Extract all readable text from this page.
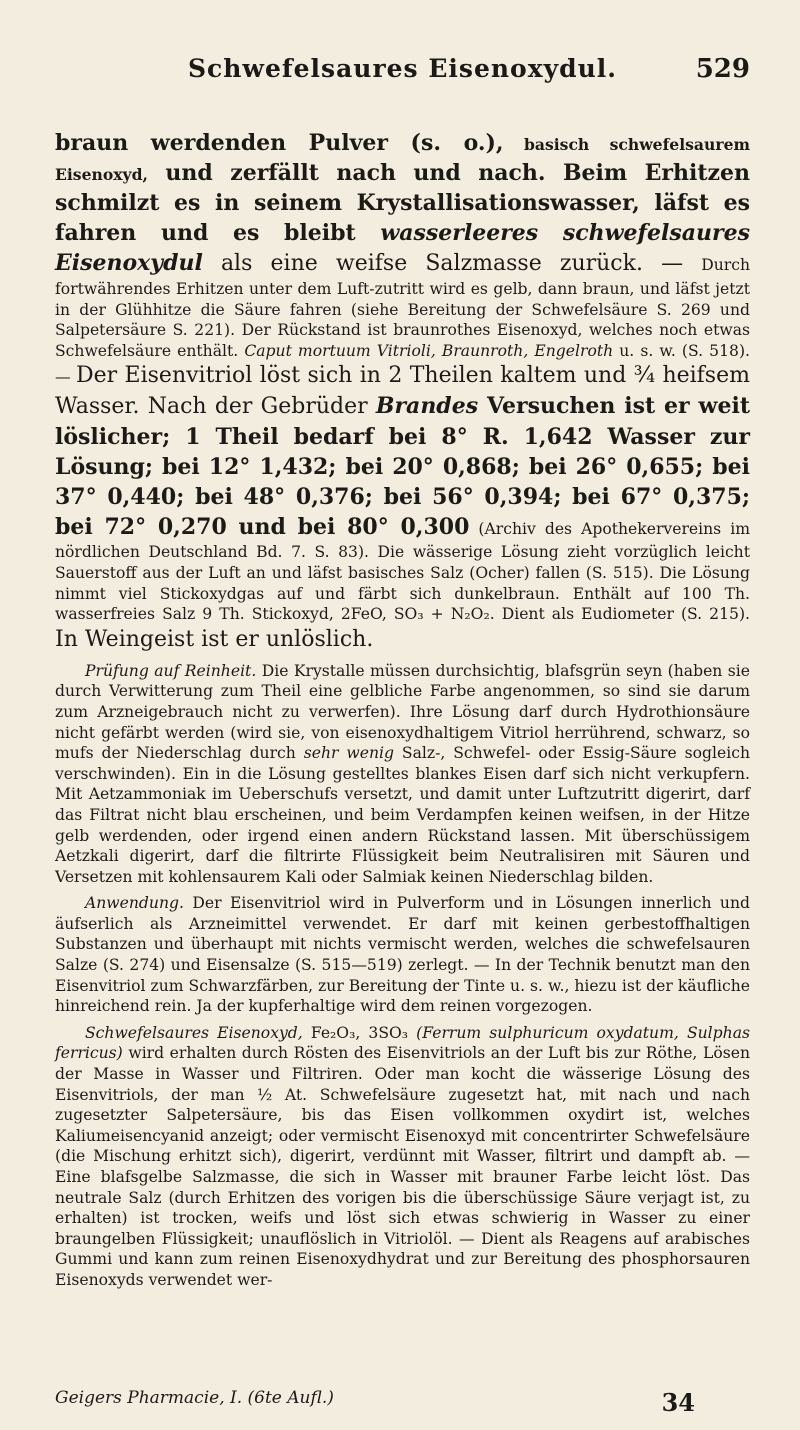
Schwefelsaures Eisenoxydul.	529

braun werdenden Pulver (s. o.), basisch schwefelsaurem Eisenoxyd, und zerfällt nach und nach. Beim Erhitzen schmilzt es in seinem Krystallisationswasser, läfst es fahren und es bleibt wasserleeres schwefelsaures Eisenoxydul als eine weifse Salzmasse zurück. — Durch fortwährendes Erhitzen unter dem Luft-zutritt wird es gelb, dann braun, und läfst jetzt in der Glühhitze die Säure fahren (siehe Bereitung der Schwefelsäure S. 269 und Salpetersäure S. 221). Der Rückstand ist braunrothes Eisenoxyd, welches noch etwas Schwefelsäure enthält. Caput mortuum Vitrioli, Braunroth, Engelroth u. s. w. (S. 518). — Der Eisenvitriol löst sich in 2 Theilen kaltem und ¾ heifsem Wasser. Nach der Gebrüder Brandes Versuchen ist er weit löslicher; 1 Theil bedarf bei 8° R. 1,642 Wasser zur Lösung; bei 12° 1,432; bei 20° 0,868; bei 26° 0,655; bei 37° 0,440; bei 48° 0,376; bei 56° 0,394; bei 67° 0,375; bei 72° 0,270 und bei 80° 0,300 (Archiv des Apothekervereins im nördlichen Deutschland Bd. 7. S. 83). Die wässerige Lösung zieht vorzüglich leicht Sauerstoff aus der Luft an und läfst basisches Salz (Ocher) fallen (S. 515). Die Lösung nimmt viel Stickoxydgas auf und färbt sich dunkelbraun. Enthält auf 100 Th. wasserfreies Salz 9 Th. Stickoxyd, 2FeO, SO₃ + N₂O₂. Dient als Eudiometer (S. 215). In Weingeist ist er unlöslich.

Prüfung auf Reinheit. Die Krystalle müssen durchsichtig, blafsgrün seyn (haben sie durch Verwitterung zum Theil eine gelbliche Farbe angenommen, so sind sie darum zum Arzneigebrauch nicht zu verwerfen). Ihre Lösung darf durch Hydrothionsäure nicht gefärbt werden (wird sie, von eisenoxydhaltigem Vitriol herrührend, schwarz, so mufs der Niederschlag durch sehr wenig Salz-, Schwefel- oder Essig-Säure sogleich verschwinden). Ein in die Lösung gestelltes blankes Eisen darf sich nicht verkupfern. Mit Aetzammoniak im Ueberschufs versetzt, und damit unter Luftzutritt digerirt, darf das Filtrat nicht blau erscheinen, und beim Verdampfen keinen weifsen, in der Hitze gelb werdenden, oder irgend einen andern Rückstand lassen. Mit überschüssigem Aetzkali digerirt, darf die filtrirte Flüssigkeit beim Neutralisiren mit Säuren und Versetzen mit kohlensaurem Kali oder Salmiak keinen Niederschlag bilden.

Anwendung. Der Eisenvitriol wird in Pulverform und in Lösungen innerlich und äufserlich als Arzneimittel verwendet. Er darf mit keinen gerbestoffhaltigen Substanzen und überhaupt mit nichts vermischt werden, welches die schwefelsauren Salze (S. 274) und Eisensalze (S. 515—519) zerlegt. — In der Technik benutzt man den Eisenvitriol zum Schwarzfärben, zur Bereitung der Tinte u. s. w., hiezu ist der käufliche hinreichend rein. Ja der kupferhaltige wird dem reinen vorgezogen.

Schwefelsaures Eisenoxyd, Fe₂O₃, 3SO₃ (Ferrum sulphuricum oxydatum, Sulphas ferricus) wird erhalten durch Rösten des Eisenvitriols an der Luft bis zur Röthe, Lösen der Masse in Wasser und Filtriren. Oder man kocht die wässerige Lösung des Eisenvitriols, der man ½ At. Schwefelsäure zugesetzt hat, mit nach und nach zugesetzter Salpetersäure, bis das Eisen vollkommen oxydirt ist, welches Kaliumeisencyanid anzeigt; oder vermischt Eisenoxyd mit concentrirter Schwefelsäure (die Mischung erhitzt sich), digerirt, verdünnt mit Wasser, filtrirt und dampft ab. — Eine blafsgelbe Salzmasse, die sich in Wasser mit brauner Farbe leicht löst. Das neutrale Salz (durch Erhitzen des vorigen bis die überschüssige Säure verjagt ist, zu erhalten) ist trocken, weifs und löst sich etwas schwierig in Wasser zu einer braungelben Flüssigkeit; unauflöslich in Vitriolöl. — Dient als Reagens auf arabisches Gummi und kann zum reinen Eisenoxydhydrat und zur Bereitung des phosphorsauren Eisenoxyds verwendet wer-

Geigers Pharmacie, I. (6te Aufl.)	34
